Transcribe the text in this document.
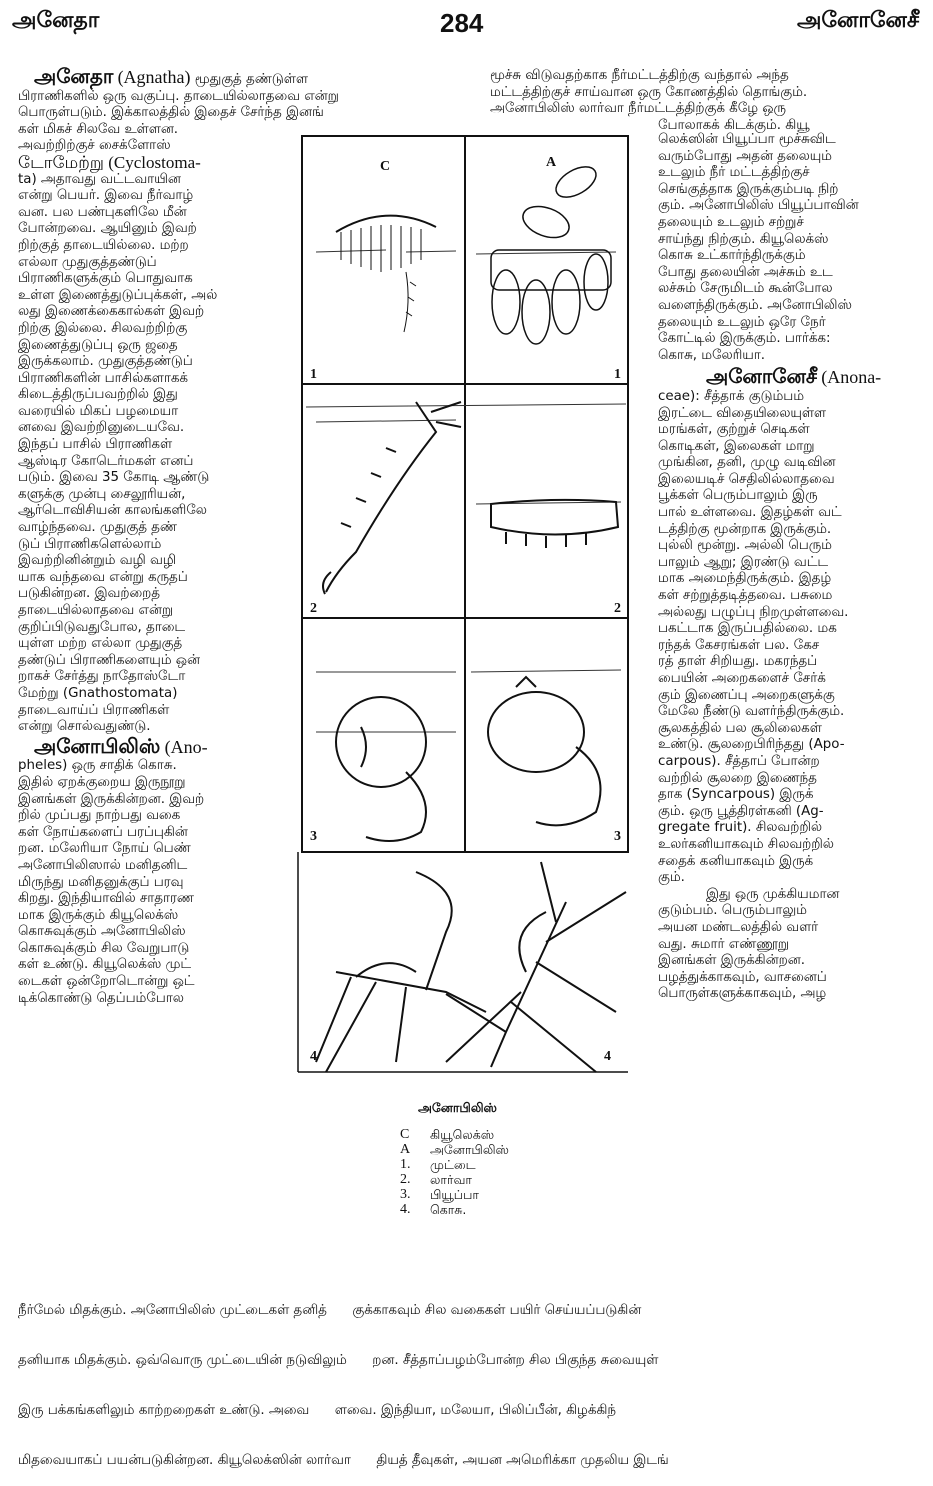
அனேதா	284	அனோனேசீ

அனேதா (Agnatha) மூதுகுத் தண்டுள்ள

பிராணிகளில் ஒரு வகுப்பு. தாடையில்லாதவை என்று

பொருள்படும். இக்காலத்தில் இதைச் சேர்ந்த இனங்

கள் மிகச் சிலவே உள்ளன.

அவற்றிற்குச் சைக்ளோஸ்

டோமேற்று (Cyclostoma-

ta) அதாவது வட்டவாயின

என்று பெயர். இவை நீர்வாழ்

வன. பல பண்புகளிலே மீன்

போன்றவை. ஆயினும் இவற்

றிற்குத் தாடையில்லை. மற்ற

எல்லா முதுகுத்தண்டுப்

பிராணிகளுக்கும் பொதுவாக

உள்ள இணைத்துடுப்புக்கள், அல்

லது இணைக்கைகால்கள் இவற்

றிற்கு இல்லை. சிலவற்றிற்கு

இணைத்துடுப்பு ஒரு ஜதை

இருக்கலாம். முதுகுத்தண்டுப்

பிராணிகளின் பாசில்களாகக்

கிடைத்திருப்பவற்றில் இது

வரையில் மிகப் பழமையா

னவை இவற்றினுடையவே.

இந்தப் பாசில் பிராணிகள்

ஆஸ்டிர கோடெர்மகள் எனப்

படும். இவை 35 கோடி ஆண்டு

களுக்கு முன்பு சைலூரியன்,

ஆர்டொவிசியன் காலங்களிலே

வாழ்ந்தவை. முதுகுத் தண்

டுப் பிராணிகளெல்லாம்

இவற்றினின்றும் வழி வழி

யாக வந்தவை என்று கருதப்

படுகின்றன. இவற்றைத்

தாடையில்லாதவை என்று

குறிப்பிடுவதுபோல, தாடை

யுள்ள மற்ற எல்லா முதுகுத்

தண்டுப் பிராணிகளையும் ஒன்

றாகச் சேர்த்து நாதோஸ்டோ

மேற்று (Gnathostomata)

தாடைவாய்ப் பிராணிகள்

என்று சொல்வதுண்டு.

அனோபிலிஸ் (Ano-

pheles) ஒரு சாதிக் கொசு.

இதில் ஏறக்குறைய இருநூறு

இனங்கள் இருக்கின்றன. இவற்

றில் முப்பது நாற்பது வகை

கள் நோய்களைப் பரப்புகின்

றன. மலேரியா நோய் பெண்

அனோபிலிஸால் மனிதனிட

மிருந்து மனிதனுக்குப் பரவு

கிறது. இந்தியாவில் சாதாரண

மாக இருக்கும் கியூலெக்ஸ்

கொசுவுக்கும் அனோபிலிஸ்

கொசுவுக்கும் சில வேறுபாடு

கள் உண்டு. கியூலெக்ஸ் முட்

டைகள் ஒன்றோடொன்று ஒட்

டிக்கொண்டு தெப்பம்போல

மூச்சு விடுவதற்காக நீர்மட்டத்திற்கு வந்தால் அந்த

மட்டத்திற்குச் சாய்வான ஒரு கோணத்தில் தொங்கும்.

அனோபிலிஸ் லார்வா நீர்மட்டத்திற்குக் கீழே ஒரு

போலாகக் கிடக்கும். கியூ

லெக்ஸின் பியூப்பா மூச்சுவிட

வரும்போது அதன் தலையும்

உடலும் நீர் மட்டத்திற்குச்

செங்குத்தாக இருக்கும்படி நிற்

கும். அனோபிலிஸ் பியூப்பாவின்

தலையும் உடலும் சற்றுச்

சாய்ந்து நிற்கும். கியூலெக்ஸ்

கொசு உட்கார்ந்திருக்கும்

போது தலையின் அச்சும் உட

லச்சும் சேருமிடம் கூன்போல

வளைந்திருக்கும். அனோபிலிஸ்

தலையும் உடலும் ஒரே நேர்

கோட்டில் இருக்கும். பார்க்க:

கொசு, மலேரியா.

அனோனேசீ (Anona-

ceae): சீத்தாக் குடும்பம்

இரட்டை விதையிலையுள்ள

மரங்கள், குற்றுச் செடிகள்

கொடிகள், இலைகள் மாறு

முங்கின, தனி, முழு வடிவின

இலையடிச் செதிலில்லாதவை

பூக்கள் பெரும்பாலும் இரு

பால் உள்ளவை. இதழ்கள் வட்

டத்திற்கு மூன்றாக இருக்கும்.

புல்லி மூன்று. அல்லி பெரும்

பாலும் ஆறு; இரண்டு வட்ட

மாக அமைந்திருக்கும். இதழ்

கள் சற்றுத்தடித்தவை. பசுமை

அல்லது பழுப்பு நிறமுள்ளவை.

பகட்டாக இருப்பதில்லை. மக

ரந்தக் கேசரங்கள் பல. கேச

ரத் தாள் சிறியது. மகரந்தப்

பையின் அறைகளைச் சேர்க்

கும் இணைப்பு அறைகளுக்கு

மேலே நீண்டு வளர்ந்திருக்கும்.

சூலகத்தில் பல சூலிலைகள்

உண்டு. சூலறைபிரிந்தது (Apo-

carpous). சீத்தாப் போன்ற

வற்றில் சூலறை இணைந்த

தாக (Syncarpous) இருக்

கும். ஒரு பூத்திரள்கனி (Ag-

gregate fruit). சிலவற்றில்

உலர்கனியாகவும் சிலவற்றில்

சதைக் கனியாகவும் இருக்

கும்.

இது ஒரு முக்கியமான

குடும்பம். பெரும்பாலும்

அயன மண்டலத்தில் வளர்

வது. சுமார் எண்ணூறு

இனங்கள் இருக்கின்றன.

பழத்துக்காகவும், வாசனைப்

பொருள்களுக்காகவும், அழ

C	A
1	1
2	2
3	3
4	4
அனோபிலிஸ்
C	கியூலெக்ஸ்
A	அனோபிலிஸ்
1.	முட்டை
2.	லார்வா
3.	பியூப்பா
4.	கொசு.

நீர்மேல் மிதக்கும். அனோபிலிஸ் முட்டைகள் தனித்      குக்காகவும் சில வகைகள் பயிர் செய்யப்படுகின்

தனியாக மிதக்கும். ஒவ்வொரு முட்டையின் நடுவிலும்      றன. சீத்தாப்பழம்போன்ற சில பிகுந்த சுவையுள்

இரு பக்கங்களிலும் காற்றறைகள் உண்டு. அவை      ளவை. இந்தியா, மலேயா, பிலிப்பீன், கிழக்கிந்

மிதவையாகப் பயன்படுகின்றன. கியூலெக்ஸின் லார்வா      தியத் தீவுகள், அயன அமெரிக்கா முதலிய இடங்
